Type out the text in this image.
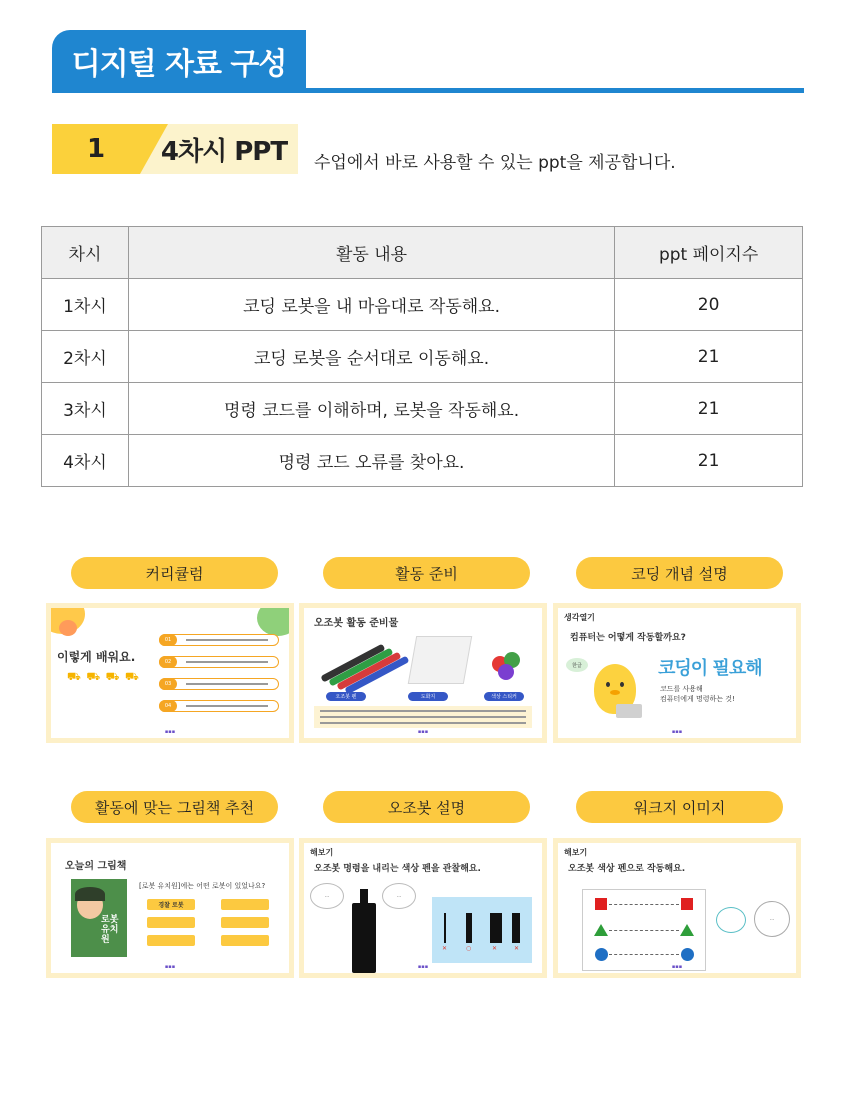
디지털 자료 구성
1	4차시 PPT	수업에서 바로 사용할 수 있는 ppt을 제공합니다.
차시	활동 내용	ppt 페이지수
1차시	코딩 로봇을 내 마음대로 작동해요.	20
2차시	코딩 로봇을 순서대로 이동해요.	21
3차시	명령 코드를 이해하며, 로봇을 작동해요.	21
4차시	명령 코드 오류를 찾아요.	21
커리큘럼	활동 준비	코딩 개념 설명
이렇게 배워요.
⛟ ⛟ ⛟ ⛟
01
02
03
04
▪▪▪
오조봇 활동 준비물
오조봇 펜	도화지	색상 스티커
▪▪▪
생각열기
컴퓨터는 어떻게 작동할까요?
한글	코딩이 필요해
코드를 사용해
컴퓨터에게 명령하는 것!
▪▪▪
활동에 맞는 그림책 추천	오조봇 설명	워크지 이미지
오늘의 그림책
로봇 유치원
[로봇 유치원]에는 어떤 로봇이 있었나요?
경찰 로봇
▪▪▪
해보기
오조봇 명령을 내리는 색상 펜을 관찰해요.
···	···
✕	○	✕	✕
▪▪▪
해보기
오조봇 색상 펜으로 작동해요.
···
▪▪▪
